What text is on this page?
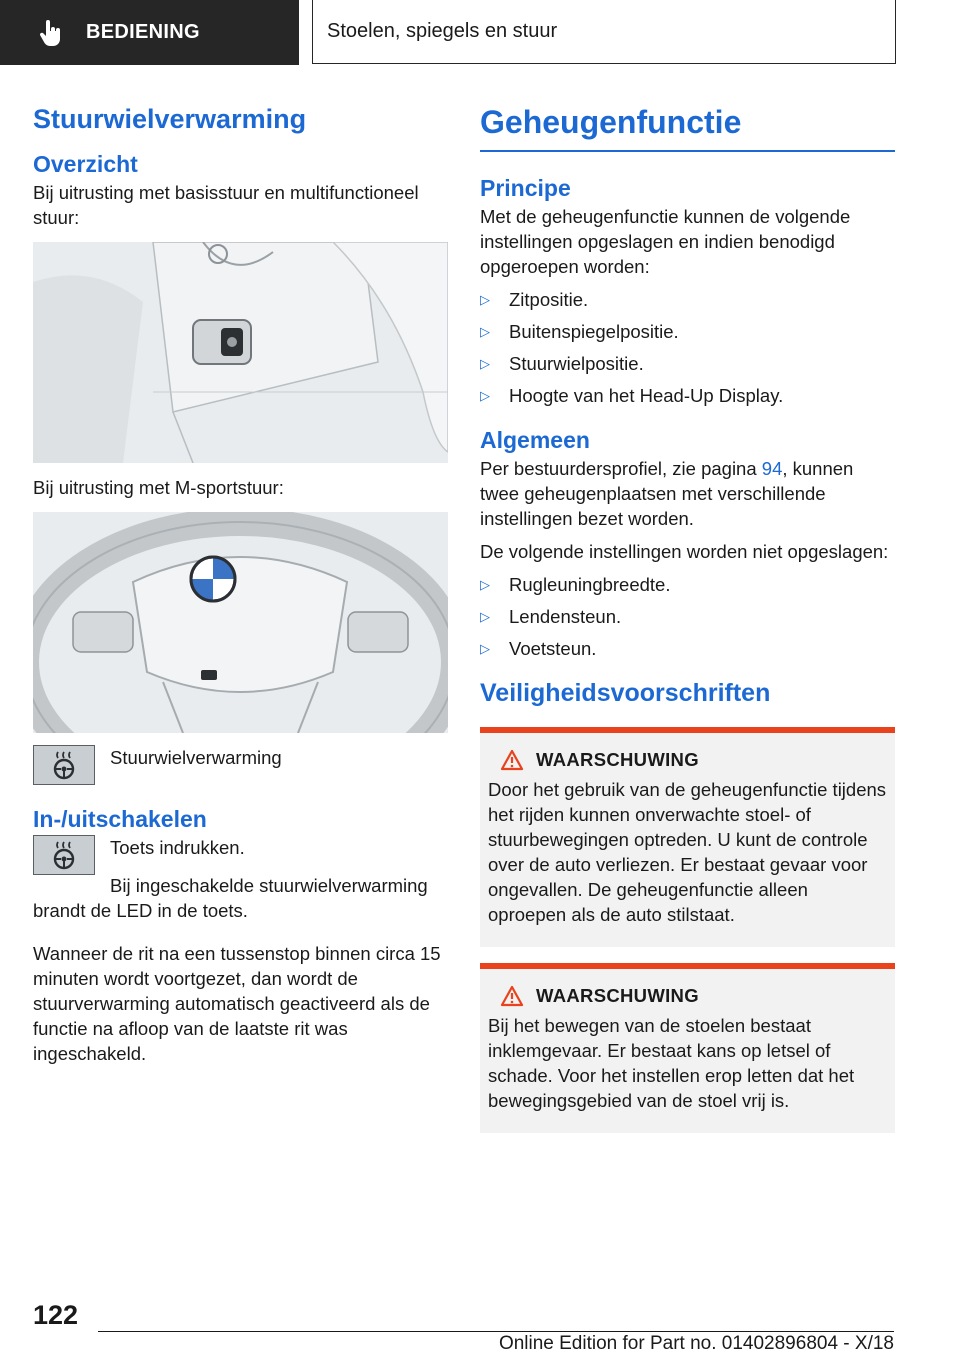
BEDIENING	Stoelen, spiegels en stuur
Stuurwielverwarming
Overzicht

Bij uitrusting met basisstuur en multifunctioneel stuur:

Bij uitrusting met M-sportstuur:

Stuurwielverwarming
In-/uitschakelen
Toets indrukken.

Bij ingeschakelde stuurwielverwarming brandt de LED in de toets.

Wanneer de rit na een tussenstop binnen circa 15 minuten wordt voortgezet, dan wordt de stuurverwarming automatisch geactiveerd als de functie na afloop van de laatste rit was ingeschakeld.

Geheugenfunctie
Principe

Met de geheugenfunctie kunnen de volgende instellingen opgeslagen en indien benodigd opgeroepen worden:

▷	Zitpositie.
▷	Buitenspiegelpositie.
▷	Stuurwielpositie.
▷	Hoogte van het Head-Up Display.
Algemeen

Per bestuurdersprofiel, zie pagina 94, kunnen twee geheugenplaatsen met verschillende instellingen bezet worden.

De volgende instellingen worden niet opgeslagen:

▷	Rugleuningbreedte.
▷	Lendensteun.
▷	Voetsteun.
Veiligheidsvoorschriften
WAARSCHUWING

Door het gebruik van de geheugenfunctie tijdens het rijden kunnen onverwachte stoel- of stuurbewegingen optreden. U kunt de controle over de auto verliezen. Er bestaat gevaar voor ongevallen. De geheugenfunctie alleen oproepen als de auto stilstaat.

WAARSCHUWING

Bij het bewegen van de stoelen bestaat inklemgevaar. Er bestaat kans op letsel of schade. Voor het instellen erop letten dat het bewegingsgebied van de stoel vrij is.

122
Online Edition for Part no. 01402896804 - X/18
